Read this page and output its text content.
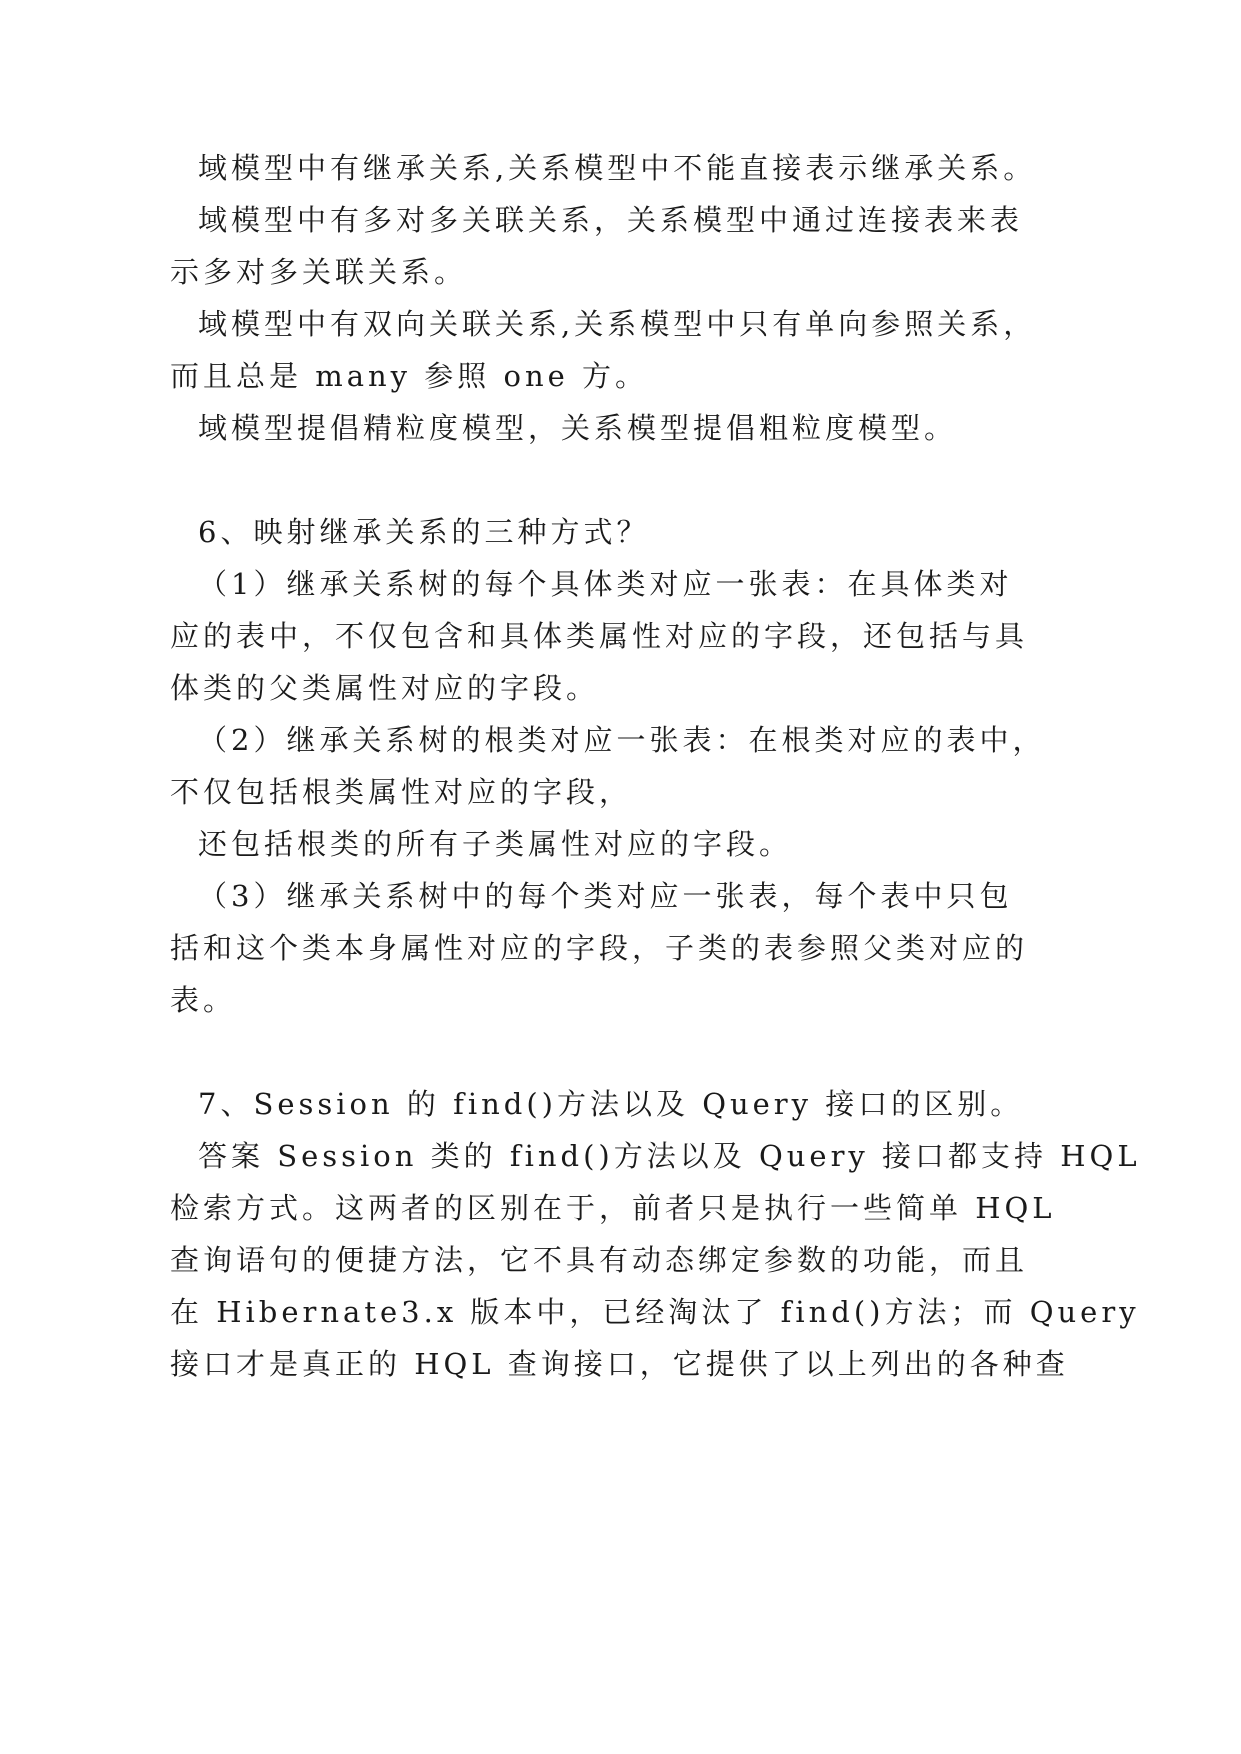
域模型中有继承关系,关系模型中不能直接表示继承关系。
域模型中有多对多关联关系，关系模型中通过连接表来表
示多对多关联关系。
域模型中有双向关联关系,关系模型中只有单向参照关系，
而且总是 many 参照 one 方。
域模型提倡精粒度模型，关系模型提倡粗粒度模型。
6、映射继承关系的三种方式？
（1）继承关系树的每个具体类对应一张表：在具体类对
应的表中，不仅包含和具体类属性对应的字段，还包括与具
体类的父类属性对应的字段。
（2）继承关系树的根类对应一张表：在根类对应的表中，
不仅包括根类属性对应的字段，
还包括根类的所有子类属性对应的字段。
（3）继承关系树中的每个类对应一张表，每个表中只包
括和这个类本身属性对应的字段，子类的表参照父类对应的
表。
7、Session 的 find()方法以及 Query 接口的区别。
答案 Session 类的 find()方法以及 Query 接口都支持 HQL
检索方式。这两者的区别在于，前者只是执行一些简单 HQL
查询语句的便捷方法，它不具有动态绑定参数的功能，而且
在 Hibernate3.x 版本中，已经淘汰了 find()方法；而 Query
接口才是真正的 HQL 查询接口，它提供了以上列出的各种查
